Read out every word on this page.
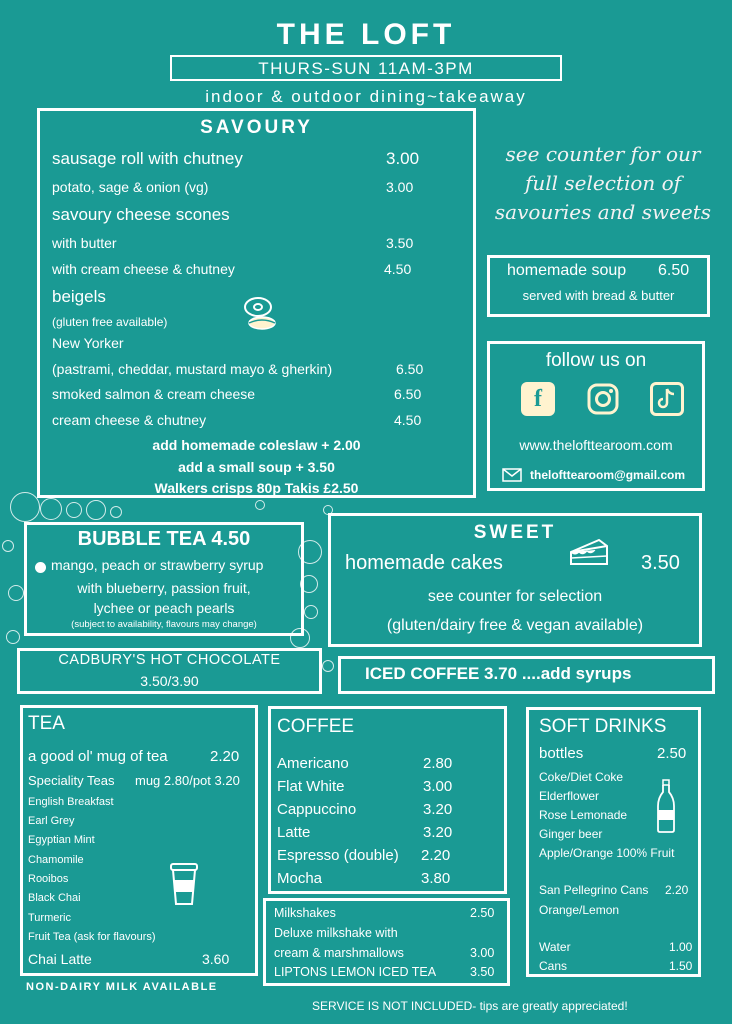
THE LOFT
THURS-SUN 11AM-3PM
indoor & outdoor dining~takeaway
SAVOURY
sausage roll with chutney	3.00
potato, sage & onion (vg)	3.00
savoury cheese scones
with butter	3.50
with cream cheese & chutney	4.50
beigels
(gluten free available)
New Yorker
(pastrami, cheddar, mustard mayo & gherkin)	6.50
smoked salmon & cream cheese	6.50
cream cheese & chutney	4.50
add homemade coleslaw + 2.00
add a small soup + 3.50
Walkers crisps 80p Takis £2.50
see counter for our
full selection of
savouries and sweets
homemade soup 6.50
served with bread & butter
follow us on
f
www.thelofttearoom.com
thelofttearoom@gmail.com
BUBBLE TEA 4.50
mango, peach or strawberry syrup
with blueberry, passion fruit,
lychee or peach pearls
(subject to availability, flavours may change)
SWEET
homemade cakes	3.50
see counter for selection
(gluten/dairy free & vegan available)
CADBURY'S HOT CHOCOLATE
3.50/3.90	ICED COFFEE 3.70 ....add syrups
TEA
a good ol' mug of tea	2.20
Speciality Teas mug 2.80/pot 3.20
English Breakfast
Earl Grey
Egyptian Mint
Chamomile
Rooibos
Black Chai
Turmeric
Fruit Tea (ask for flavours)
Chai Latte	3.60
NON-DAIRY MILK AVAILABLE
COFFEE
Americano	2.80
Flat White	3.00
Cappuccino	3.20
Latte	3.20
Espresso (double) 2.20
Mocha	3.80
Milkshakes	2.50
Deluxe milkshake with
cream & marshmallows	3.00
LIPTONS LEMON ICED TEA	3.50
SOFT DRINKS
bottles	2.50
Coke/Diet Coke
Elderflower
Rose Lemonade
Ginger beer
Apple/Orange 100% Fruit
San Pellegrino Cans 2.20
Orange/Lemon
Water	1.00
Cans	1.50
SERVICE IS NOT INCLUDED- tips are greatly appreciated!
